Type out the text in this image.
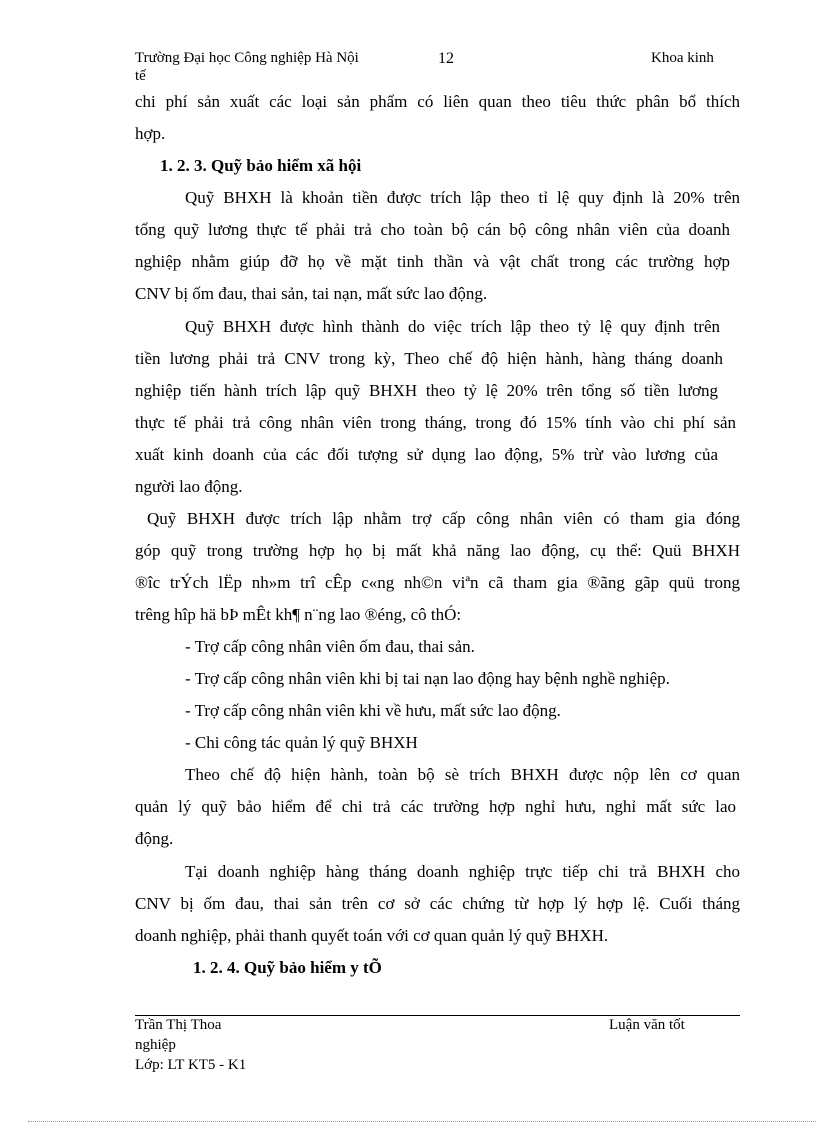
Trường Đại học Công nghiệp Hà Nội	12	Khoa kinh
tế
chi phí sản xuất các loại sản phẩm có liên quan theo tiêu thức phân bổ thích
hợp.
1. 2. 3. Quỹ bảo hiểm xã hội
Quỹ BHXH là khoản tiền được trích lập theo tỉ lệ quy định là 20% trên
tổng quỹ lương thực tế phải trả cho toàn bộ cán bộ công nhân viên của doanh
nghiệp nhằm giúp đỡ họ về mặt tinh thần và vật chất trong các trường hợp
CNV bị ốm đau, thai sản, tai nạn, mất sức lao động.
Quỹ BHXH được hình thành do việc trích lập theo tỷ lệ quy định trên
tiền lương phải trả CNV trong kỳ, Theo chế độ hiện hành, hàng tháng doanh
nghiệp tiến hành trích lập quỹ BHXH theo tỷ lệ 20% trên tổng số tiền lương
thực tế phải trả công nhân viên trong tháng, trong đó 15% tính vào chi phí sản
xuất kinh doanh của các đối tượng sử dụng lao động, 5% trừ vào lương của
người lao động.
Quỹ BHXH được trích lập nhằm trợ cấp công nhân viên có tham gia đóng
góp quỹ trong trường hợp họ bị mất khả năng lao động, cụ thể: Quü BHXH
®îc trÝch lËp nh»m trî cÊp c«ng nh©n viªn cã tham gia ®ãng gãp quü trong
trêng hîp hä bÞ mÊt kh¶ n¨ng lao ®éng, cô thÓ:
- Trợ cấp công nhân viên ốm đau, thai sản.
- Trợ cấp công nhân viên khi bị tai nạn lao động hay bệnh nghề nghiệp.
- Trợ cấp công nhân viên khi về hưu, mất sức lao động.
- Chi công tác quản lý quỹ BHXH
Theo chế độ hiện hành, toàn bộ sè trích BHXH được nộp lên cơ quan
quản lý quỹ bảo hiểm để chi trả các trường hợp nghỉ hưu, nghỉ mất sức lao
động.
Tại doanh nghiệp hàng tháng doanh nghiệp trực tiếp chi trả BHXH cho
CNV bị ốm đau, thai sản trên cơ sở các chứng từ hợp lý hợp lệ. Cuối tháng
doanh nghiệp, phải thanh quyết toán với cơ quan quản lý quỹ BHXH.
1. 2. 4. Quỹ bảo hiểm y tÕ
Trần Thị Thoa	Luận văn tốt
nghiệp
Lớp: LT KT5 - K1
